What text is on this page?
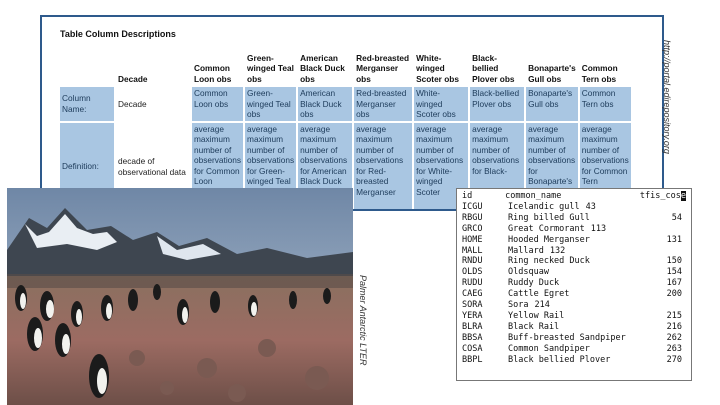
Table Column Descriptions
	Decade	Common Loon obs	Green-winged Teal obs	American Black Duck obs	Red-breasted Merganser obs	White-winged Scoter obs	Black-bellied Plover obs	Bonaparte's Gull obs	Common Tern obs
Column Name:	Decade	Common Loon obs	Green-winged Teal obs	American Black Duck obs	Red-breasted Merganser obs	White-winged Scoter obs	Black-bellied Plover obs	Bonaparte's Gull obs	Common Tern obs
Definition:	decade of observational data	average maximum number of observations for Common Loon	average maximum number of observations for Green-winged Teal	average maximum number of observations for American Black Duck	average maximum number of observations for Red-breasted Merganser	average maximum number of observations for White-winged Scoter	average maximum number of observations for Black-	average maximum number of observations for Bonaparte's	average maximum number of observations for Common Tern
http://portal.edirepository.org
Palmer Antarctic LTER
id	common_name	tfis_cose
ICGU	Icelandic gull 43
RBGU	Ring billed Gull	54
GRCO	Great Cormorant 113
HOME	Hooded Merganser	131
MALL	Mallard 132
RNDU	Ring necked Duck	150
OLDS	Oldsquaw	154
RUDU	Ruddy Duck	167
CAEG	Cattle Egret	200
SORA	Sora 214
YERA	Yellow Rail	215
BLRA	Black Rail	216
BBSA	Buff-breasted Sandpiper	262
COSA	Common Sandpiper	263
BBPL	Black bellied Plover	270
